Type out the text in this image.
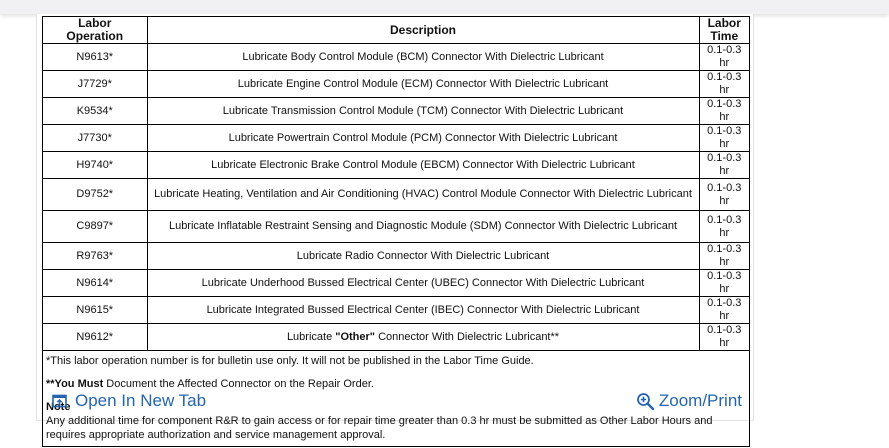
Labor Operation	Description	Labor Time
N9613*	Lubricate Body Control Module (BCM) Connector With Dielectric Lubricant	0.1-0.3 hr
J7729*	Lubricate Engine Control Module (ECM) Connector With Dielectric Lubricant	0.1-0.3 hr
K9534*	Lubricate Transmission Control Module (TCM) Connector With Dielectric Lubricant	0.1-0.3 hr
J7730*	Lubricate Powertrain Control Module (PCM) Connector With Dielectric Lubricant	0.1-0.3 hr
H9740*	Lubricate Electronic Brake Control Module (EBCM) Connector With Dielectric Lubricant	0.1-0.3 hr
D9752*	Lubricate Heating, Ventilation and Air Conditioning (HVAC) Control Module Connector With Dielectric Lubricant	0.1-0.3 hr
C9897*	Lubricate Inflatable Restraint Sensing and Diagnostic Module (SDM) Connector With Dielectric Lubricant	0.1-0.3 hr
R9763*	Lubricate Radio Connector With Dielectric Lubricant	0.1-0.3 hr
N9614*	Lubricate Underhood Bussed Electrical Center (UBEC) Connector With Dielectric Lubricant	0.1-0.3 hr
N9615*	Lubricate Integrated Bussed Electrical Center (IBEC) Connector With Dielectric Lubricant	0.1-0.3 hr
N9612*	Lubricate "Other" Connector With Dielectric Lubricant**	0.1-0.3 hr

*This labor operation number is for bulletin use only. It will not be published in the Labor Time Guide.

**You Must Document the Affected Connector on the Repair Order.

Note

Any additional time for component R&R to gain access or for repair time greater than 0.3 hr must be submitted as Other Labor Hours and requires appropriate authorization and service management approval.

Open In New Tab	Zoom/Print
